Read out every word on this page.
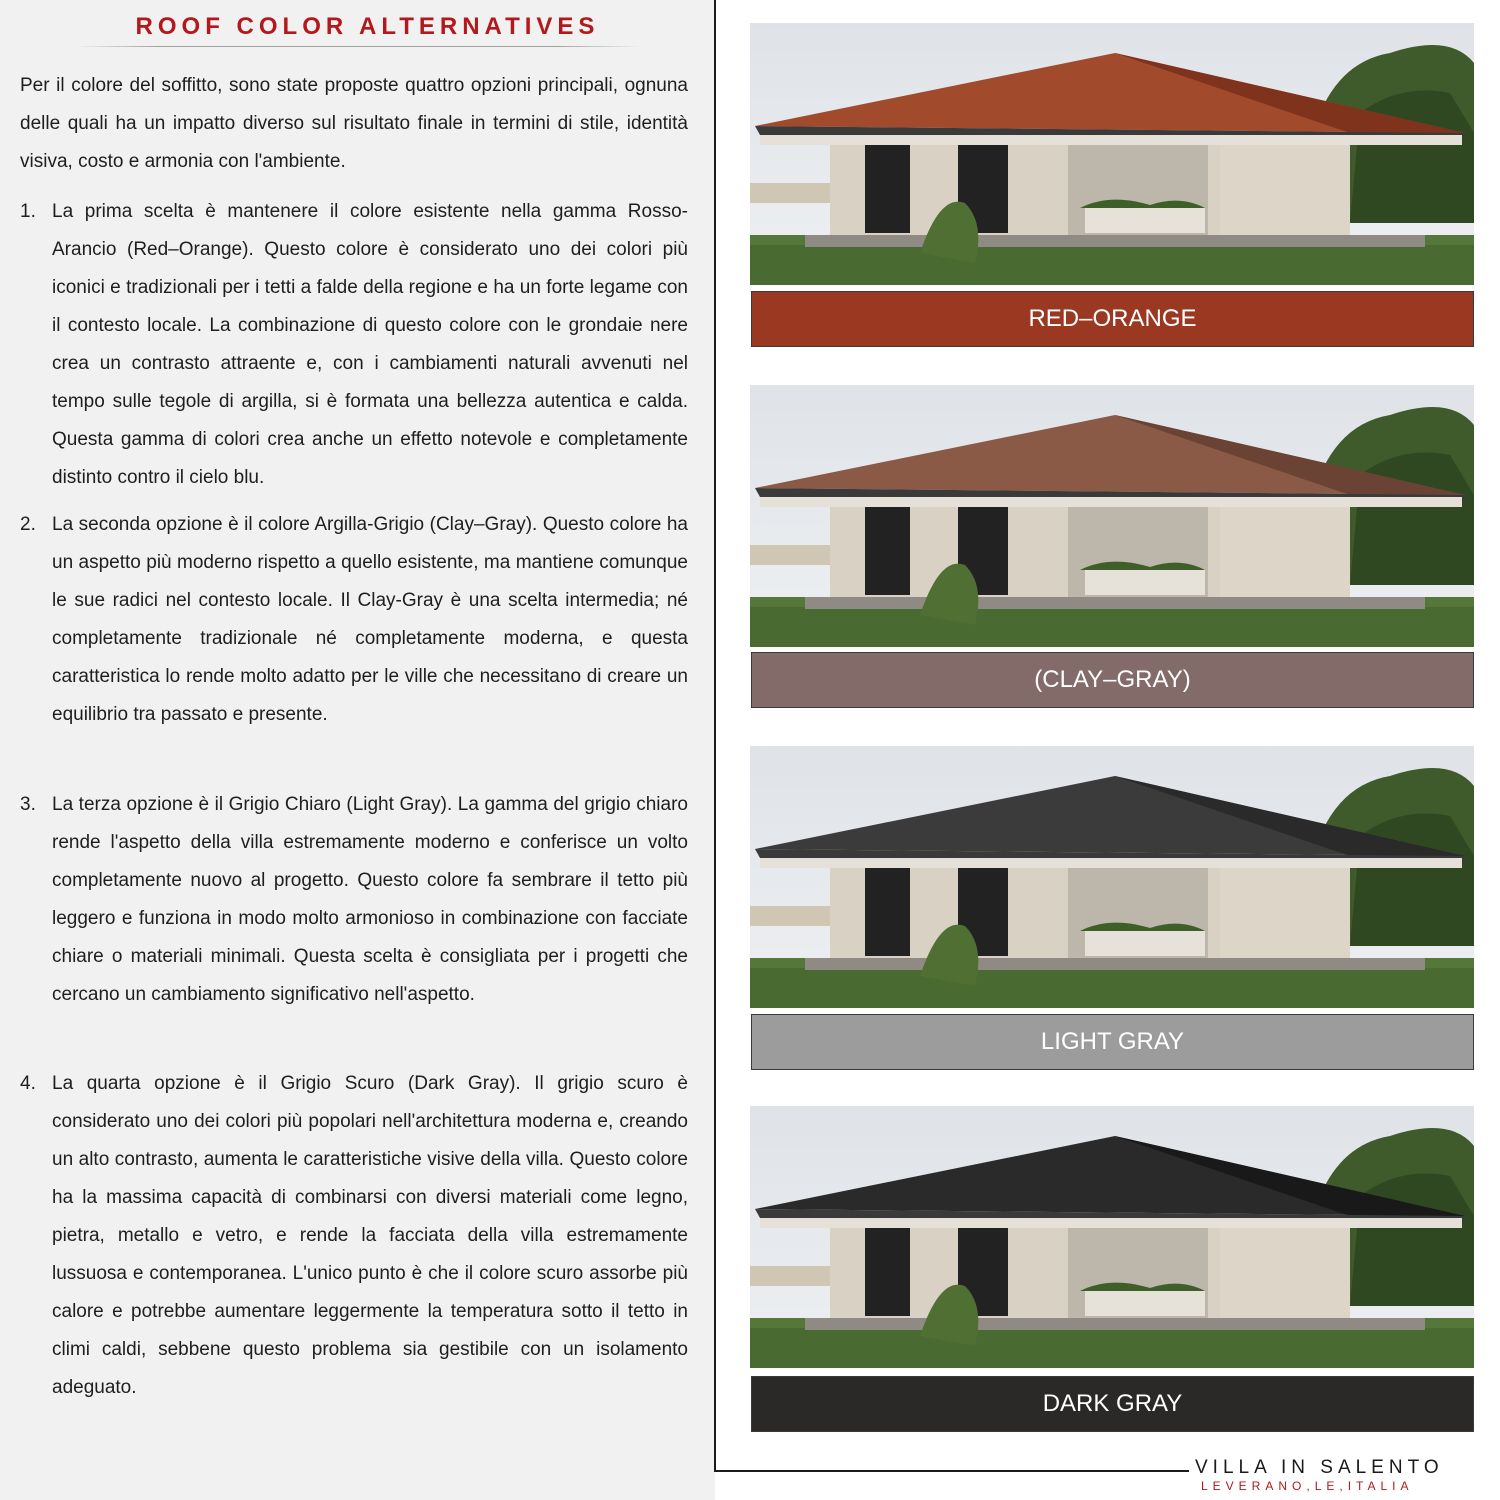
ROOF COLOR ALTERNATIVES

Per il colore del soffitto, sono state proposte quattro opzioni principali, ognuna delle quali ha un impatto diverso sul risultato finale in termini di stile, identità visiva, costo e armonia con l'ambiente.

1. La prima scelta è mantenere il colore esistente nella gamma Rosso-Arancio (Red–Orange). Questo colore è considerato uno dei colori più iconici e tradizionali per i tetti a falde della regione e ha un forte legame con il contesto locale. La combinazione di questo colore con le grondaie nere crea un contrasto attraente e, con i cambiamenti naturali avvenuti nel tempo sulle tegole di argilla, si è formata una bellezza autentica e calda. Questa gamma di colori crea anche un effetto notevole e completamente distinto contro il cielo blu.

2. La seconda opzione è il colore Argilla-Grigio (Clay–Gray). Questo colore ha un aspetto più moderno rispetto a quello esistente, ma mantiene comunque le sue radici nel contesto locale. Il Clay-Gray è una scelta intermedia; né completamente tradizionale né completamente moderna, e questa caratteristica lo rende molto adatto per le ville che necessitano di creare un equilibrio tra passato e presente.

3. La terza opzione è il Grigio Chiaro (Light Gray). La gamma del grigio chiaro rende l'aspetto della villa estremamente moderno e conferisce un volto completamente nuovo al progetto. Questo colore fa sembrare il tetto più leggero e funziona in modo molto armonioso in combinazione con facciate chiare o materiali minimali. Questa scelta è consigliata per i progetti che cercano un cambiamento significativo nell'aspetto.

4. La quarta opzione è il Grigio Scuro (Dark Gray). Il grigio scuro è considerato uno dei colori più popolari nell'architettura moderna e, creando un alto contrasto, aumenta le caratteristiche visive della villa. Questo colore ha la massima capacità di combinarsi con diversi materiali come legno, pietra, metallo e vetro, e rende la facciata della villa estremamente lussuosa e contemporanea. L'unico punto è che il colore scuro assorbe più calore e potrebbe aumentare leggermente la temperatura sotto il tetto in climi caldi, sebbene questo problema sia gestibile con un isolamento adeguato.

RED–ORANGE
(CLAY–GRAY)
LIGHT GRAY
DARK GRAY
VILLA IN SALENTO
LEVERANO,LE,ITALIA
